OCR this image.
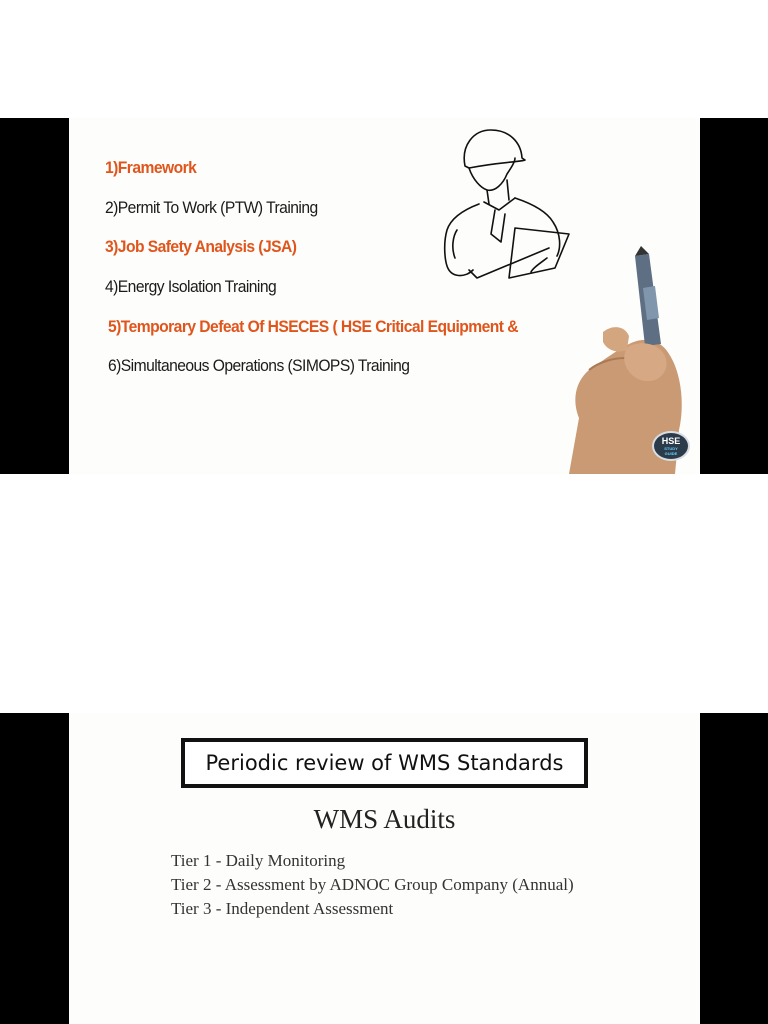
1)Framework
2)Permit To Work (PTW) Training
3)Job Safety Analysis (JSA)
4)Energy Isolation Training
5)Temporary Defeat Of HSECES ( HSE Critical Equipment &
6)Simultaneous Operations (SIMOPS) Training
HSE
STUDY
GUIDE
Periodic review of WMS Standards
WMS Audits
Tier 1 - Daily Monitoring
Tier 2 - Assessment by ADNOC Group Company (Annual)
Tier 3 - Independent Assessment
